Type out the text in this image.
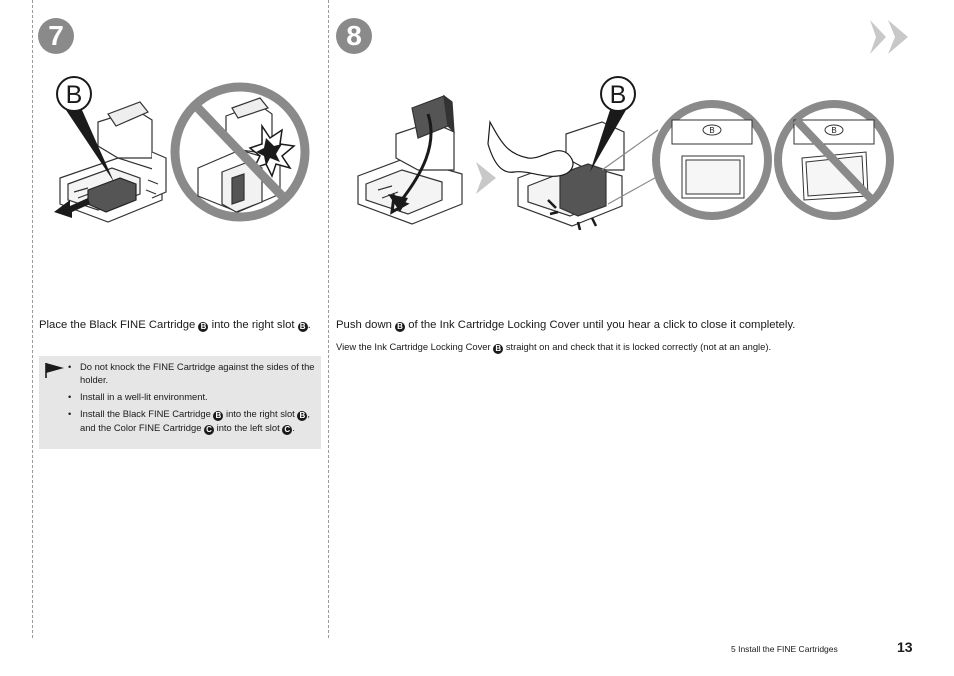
7	8
B	B
B	B
Place the Black FINE Cartridge B into the right slot B .
• Do not knock the FINE Cartridge against the sides of the holder.
• Install in a well-lit environment.
• Install the Black FINE Cartridge B into the right slot B , and the Color FINE Cartridge C into the left slot C .
Push down B of the Ink Cartridge Locking Cover until you hear a click to close it completely.
View the Ink Cartridge Locking Cover B straight on and check that it is locked correctly (not at an angle).
5 Install the FINE Cartridges	13
